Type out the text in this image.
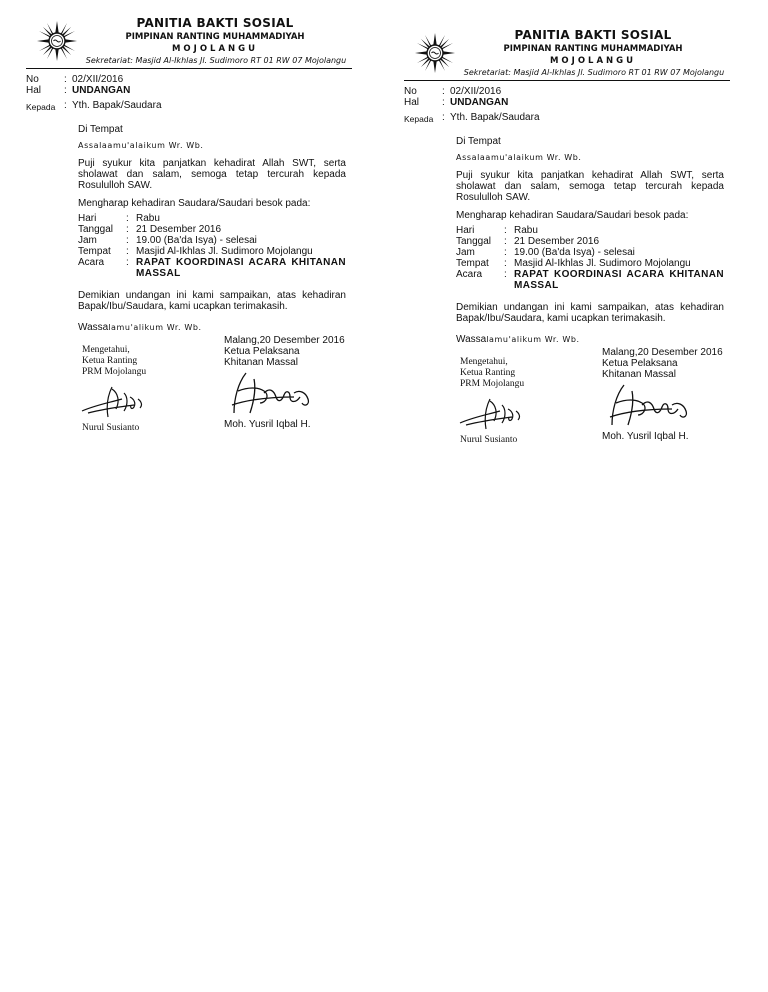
PANITIA BAKTI SOSIAL
PIMPINAN RANTING MUHAMMADIYAH
MOJOLANGU
Sekretariat: Masjid Al-Ikhlas Jl. Sudimoro RT 01 RW 07 Mojolangu
No	: 02/XII/2016
Hal : UNDANGAN
Kepada : Yth. Bapak/Saudara

Di Tempat

Assalaamu'alaikum Wr. Wb.

Puji syukur kita panjatkan kehadirat Allah SWT, serta sholawat dan salam, semoga tetap tercurah kepada Rosululloh SAW.

Mengharap kehadiran Saudara/Saudari besok pada:

Hari	: Rabu
Tanggal : 21 Desember 2016
Jam	: 19.00 (Ba'da Isya) - selesai
Tempat : Masjid Al-Ikhlas Jl. Sudimoro Mojolangu
Acara : RAPAT KOORDINASI ACARA KHITANAN MASSAL

Demikian undangan ini kami sampaikan, atas kehadiran Bapak/Ibu/Saudara, kami ucapkan terimakasih.

Wassalamu'alikum Wr. Wb.

Mengetahui,
Ketua Ranting
PRM Mojolangu
Malang,20 Desember 2016
Ketua Pelaksana
Khitanan Massal
Nurul Susianto	Moh. Yusril Iqbal H.
PANITIA BAKTI SOSIAL
PIMPINAN RANTING MUHAMMADIYAH
MOJOLANGU
Sekretariat: Masjid Al-Ikhlas Jl. Sudimoro RT 01 RW 07 Mojolangu
No	: 02/XII/2016
Hal : UNDANGAN
Kepada : Yth. Bapak/Saudara

Di Tempat

Assalaamu'alaikum Wr. Wb.

Puji syukur kita panjatkan kehadirat Allah SWT, serta sholawat dan salam, semoga tetap tercurah kepada Rosululloh SAW.

Mengharap kehadiran Saudara/Saudari besok pada:

Hari	: Rabu
Tanggal : 21 Desember 2016
Jam	: 19.00 (Ba'da Isya) - selesai
Tempat : Masjid Al-Ikhlas Jl. Sudimoro Mojolangu
Acara : RAPAT KOORDINASI ACARA KHITANAN MASSAL

Demikian undangan ini kami sampaikan, atas kehadiran Bapak/Ibu/Saudara, kami ucapkan terimakasih.

Wassalamu'alikum Wr. Wb.

Mengetahui,
Ketua Ranting
PRM Mojolangu
Malang,20 Desember 2016
Ketua Pelaksana
Khitanan Massal
Nurul Susianto	Moh. Yusril Iqbal H.
